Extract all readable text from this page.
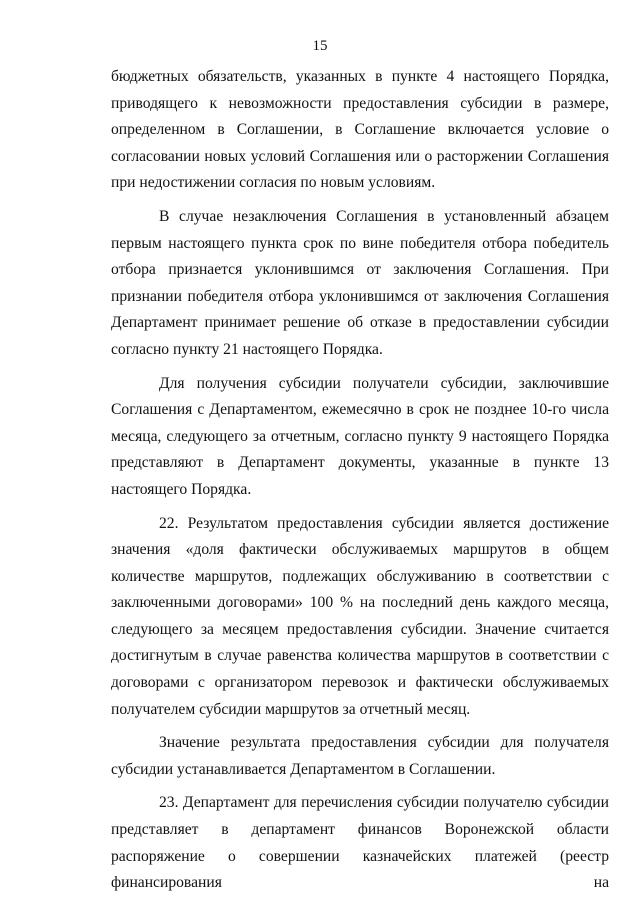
15

бюджетных обязательств, указанных в пункте 4 настоящего Порядка, приводящего к невозможности предоставления субсидии в размере, определенном в Соглашении, в Соглашение включается условие о согласовании новых условий Соглашения или о расторжении Соглашения при недостижении согласия по новым условиям.

В случае незаключения Соглашения в установленный абзацем первым настоящего пункта срок по вине победителя отбора победитель отбора признается уклонившимся от заключения Соглашения. При признании победителя отбора уклонившимся от заключения Соглашения Департамент принимает решение об отказе в предоставлении субсидии согласно пункту 21 настоящего Порядка.

Для получения субсидии получатели субсидии, заключившие Соглашения с Департаментом, ежемесячно в срок не позднее 10-го числа месяца, следующего за отчетным, согласно пункту 9 настоящего Порядка представляют в Департамент документы, указанные в пункте 13 настоящего Порядка.

22. Результатом предоставления субсидии является достижение значения «доля фактически обслуживаемых маршрутов в общем количестве маршрутов, подлежащих обслуживанию в соответствии с заключенными договорами» 100 % на последний день каждого месяца, следующего за месяцем предоставления субсидии. Значение считается достигнутым в случае равенства количества маршрутов в соответствии с договорами с организатором перевозок и фактически обслуживаемых получателем субсидии маршрутов за отчетный месяц.

Значение результата предоставления субсидии для получателя субсидии устанавливается Департаментом в Соглашении.

23. Департамент для перечисления субсидии получателю субсидии представляет в департамент финансов Воронежской области распоряжение о совершении казначейских платежей (реестр финансирования на
